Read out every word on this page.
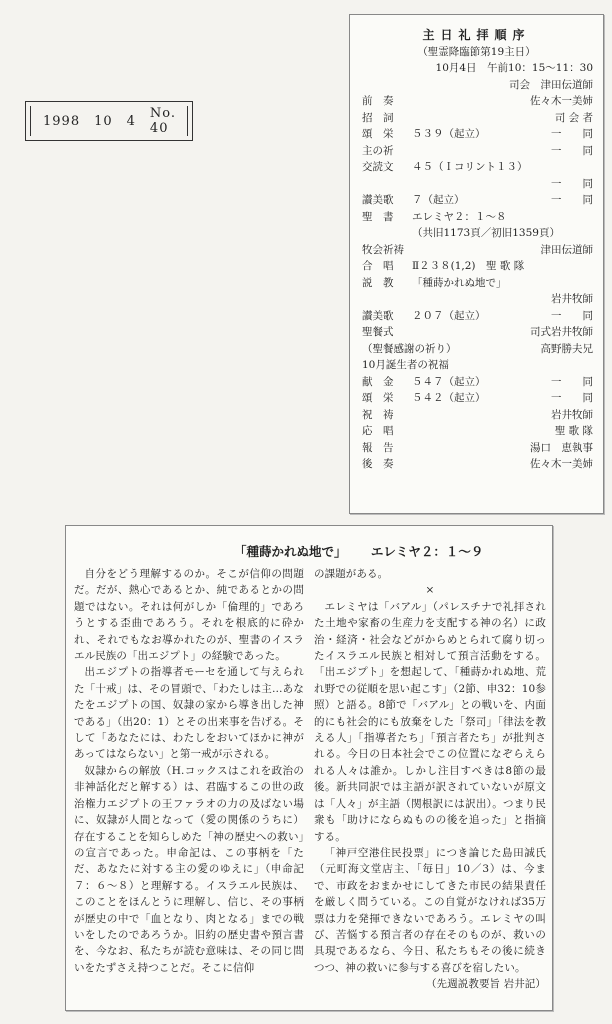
1998 10 4 No. 40
主日礼拝順序
（聖霊降臨節第19主日）
10月4日　午前10：15～11：30
司会　津田伝道師
前　奏	佐々木一美姉
招　詞	司 会 者
頌　栄 ５３９（起立）	一　　同
主の祈	一　　同
交読文 ４５（Ｉコリント１３）
一　　同
讃美歌 ７（起立）	一　　同
聖　書 エレミヤ２：１～８
（共旧1173頁／初旧1359頁）
牧会祈祷	津田伝道師
合　唱 Ⅱ２３８(1,2)　聖 歌 隊
説　教 「種蒔かれぬ地で」
岩井牧師
讃美歌 ２０７（起立）	一　　同
聖餐式	司式岩井牧師
（聖餐感謝の祈り）	高野勝夫兄
10月誕生者の祝福
献　金 ５４７（起立）	一　　同
頌　栄 ５４２（起立）	一　　同
祝　祷	岩井牧師
応　唱	聖 歌 隊
報　告	湯口　恵執事
後　奏	佐々木一美姉
「種蒔かれぬ地で」 エレミヤ２：１～９

自分をどう理解するのか。そこが信仰の問題だ。だが、熱心であるとか、純であるとかの問題ではない。それは何がしか「倫理的」であろうとする歪曲であろう。それを根底的に砕かれ、それでもなお導かれたのが、聖書のイスラエル民族の「出エジプト」の経験であった。

出エジプトの指導者モーセを通して与えられた「十戒」は、その冒頭で、「わたしは主…あなたをエジプトの国、奴隷の家から導き出した神である」（出20：1）とその出来事を告げる。そして「あなたには、わたしをおいてほかに神があってはならない」と第一戒が示される。

奴隷からの解放（H.コックスはこれを政治の非神話化だと解する）は、君臨するこの世の政治権力エジプトの王ファラオの力の及ばない場に、奴隷が人間となって（愛の関係のうちに）存在することを知らしめた「神の歴史への救い」の宣言であった。申命記は、この事柄を「ただ、あなたに対する主の愛のゆえに」（申命記７：６～８）と理解する。イスラエル民族は、このことをほんとうに理解し、信じ、その事柄が歴史の中で「血となり、肉となる」までの戦いをしたのであろうか。旧約の歴史書や預言書を、今なお、私たちが読む意味は、その同じ問いをたずさえ持つことだ。そこに信仰

の課題がある。

×

エレミヤは「バアル」（パレスチナで礼拝された土地や家畜の生産力を支配する神の名）に政治・経済・社会などがからめとられて腐り切ったイスラエル民族と相対して預言活動をする。「出エジプト」を想起して、「種蒔かれぬ地、荒れ野での従順を思い起こす」（2節、申32：10参照）と語る。8節で「バアル」との戦いを、内面的にも社会的にも放棄をした「祭司」「律法を教える人」「指導者たち」「預言者たち」が批判される。今日の日本社会でこの位置になぞらえられる人々は誰か。しかし注目すべきは8節の最後。新共同訳では主語が訳されていないが原文は「人々」が主語（関根訳には訳出）。つまり民衆も「助けにならぬものの後を追った」と指摘する。

「神戸空港住民投票」につき論じた島田誠氏（元町海文堂店主、「毎日」10／3）は、今まで、市政をおまかせにしてきた市民の結果責任を厳しく問うている。この自覚がなければ35万票は力を発揮できないであろう。エレミヤの叫び、苦悩する預言者の存在そのものが、救いの具現であるなら、今日、私たちもその後に続きつつ、神の救いに参与する喜びを宿したい。

（先週説教要旨 岩井記）
